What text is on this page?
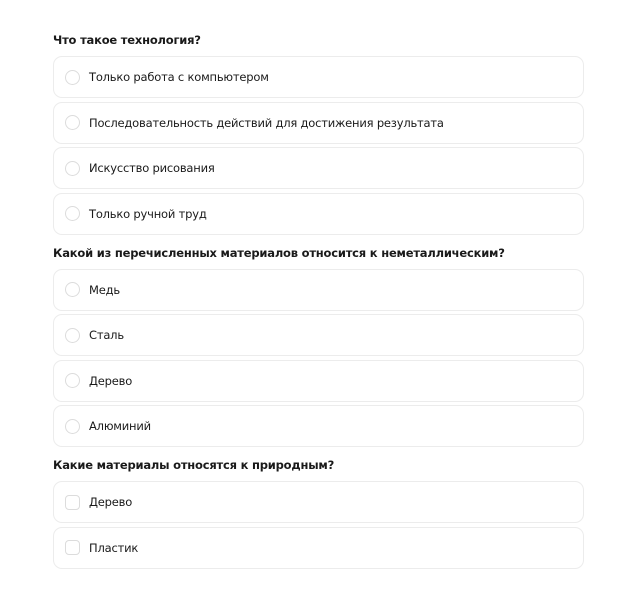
Что такое технология?
Только работа с компьютером
Последовательность действий для достижения результата
Искусство рисования
Только ручной труд
Какой из перечисленных материалов относится к неметаллическим?
Медь
Сталь
Дерево
Алюминий
Какие материалы относятся к природным?
Дерево
Пластик
